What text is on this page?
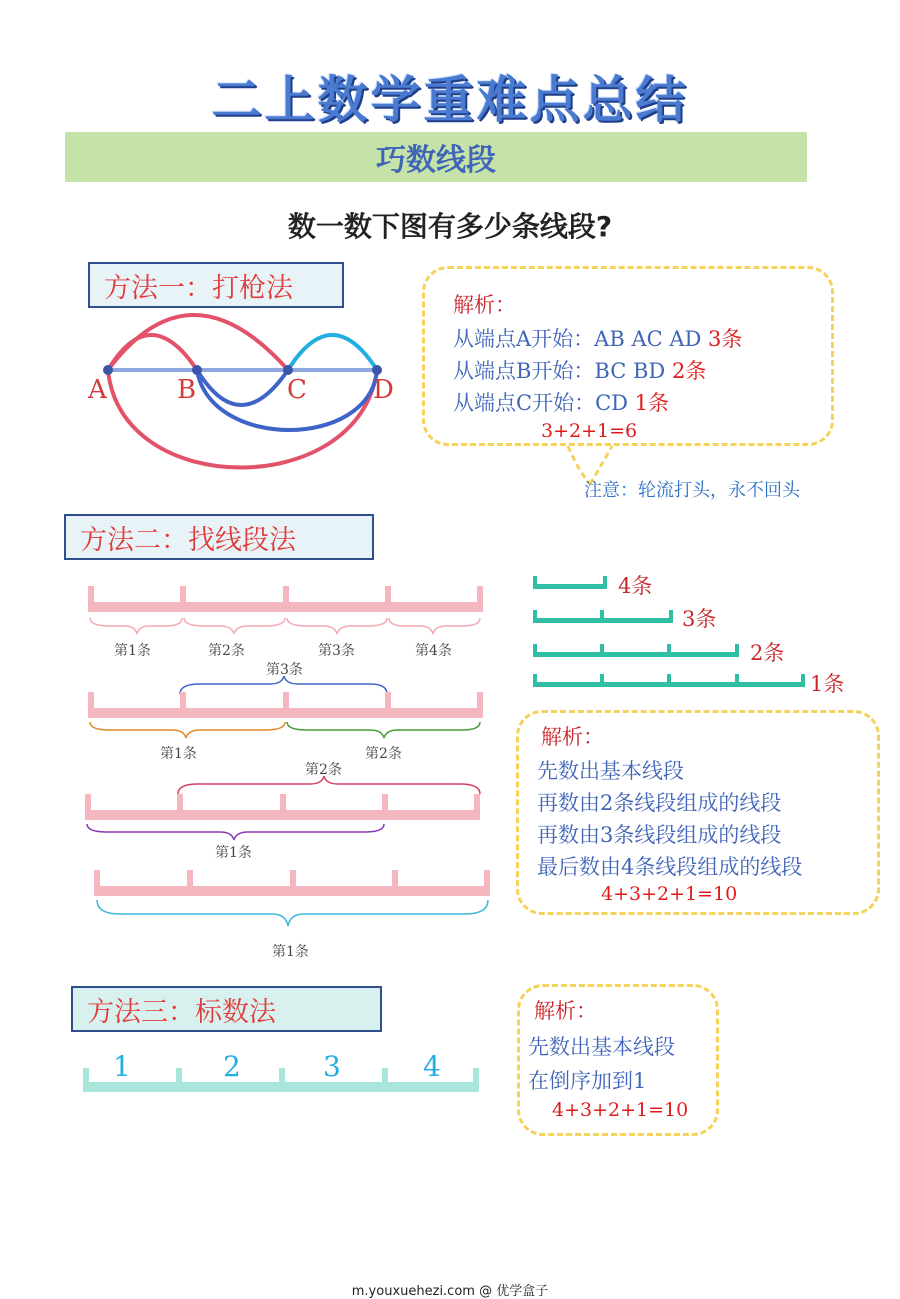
二上数学重难点总结
巧数线段
数一数下图有多少条线段?
方法一：打枪法
A	B	C	D
解析：
从端点A开始：AB AC AD 3条
从端点B开始：BC BD 2条
从端点C开始：CD 1条
3+2+1=6
注意：轮流打头，永不回头
方法二：找线段法
第1条	第2条	第3条	第4条
第3条
第1条	第2条
第2条
第1条
第1条
4条
3条
2条
1条
解析：
先数出基本线段
再数由2条线段组成的线段
再数由3条线段组成的线段
最后数由4条线段组成的线段
4+3+2+1=10
方法三：标数法
1	2	3	4
解析：
先数出基本线段
在倒序加到1
4+3+2+1=10
m.youxuehezi.com @ 优学盒子
